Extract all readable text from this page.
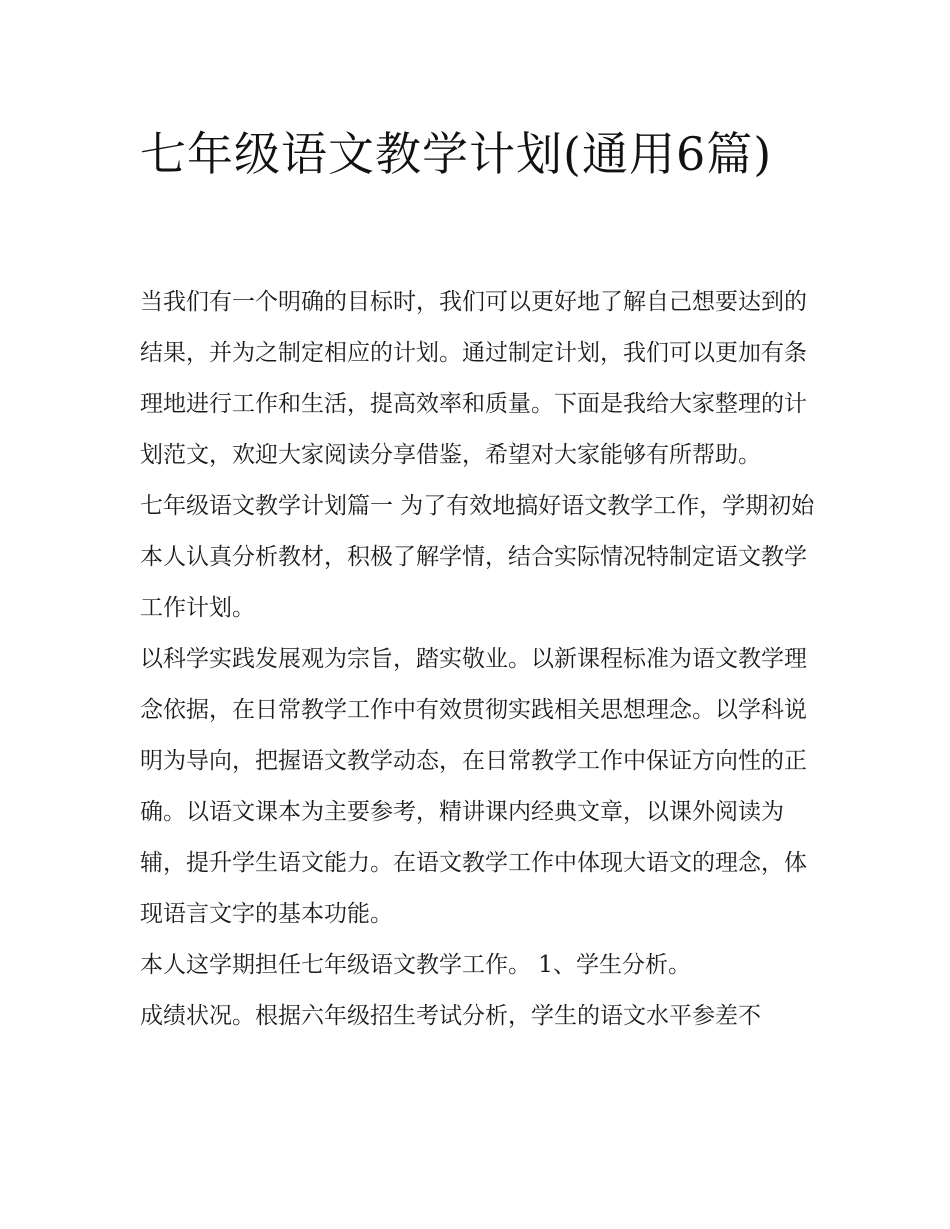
七年级语文教学计划(通用6篇)

当我们有一个明确的目标时，我们可以更好地了解自己想要达到的结果，并为之制定相应的计划。通过制定计划，我们可以更加有条理地进行工作和生活，提高效率和质量。下面是我给大家整理的计划范文，欢迎大家阅读分享借鉴，希望对大家能够有所帮助。

七年级语文教学计划篇一 为了有效地搞好语文教学工作，学期初始本人认真分析教材，积极了解学情，结合实际情况特制定语文教学工作计划。

以科学实践发展观为宗旨，踏实敬业。以新课程标准为语文教学理念依据，在日常教学工作中有效贯彻实践相关思想理念。以学科说明为导向，把握语文教学动态，在日常教学工作中保证方向性的正确。以语文课本为主要参考，精讲课内经典文章，以课外阅读为辅，提升学生语文能力。在语文教学工作中体现大语文的理念，体现语言文字的基本功能。

本人这学期担任七年级语文教学工作。 1、学生分析。

成绩状况。根据六年级招生考试分析，学生的语文水平参差不
